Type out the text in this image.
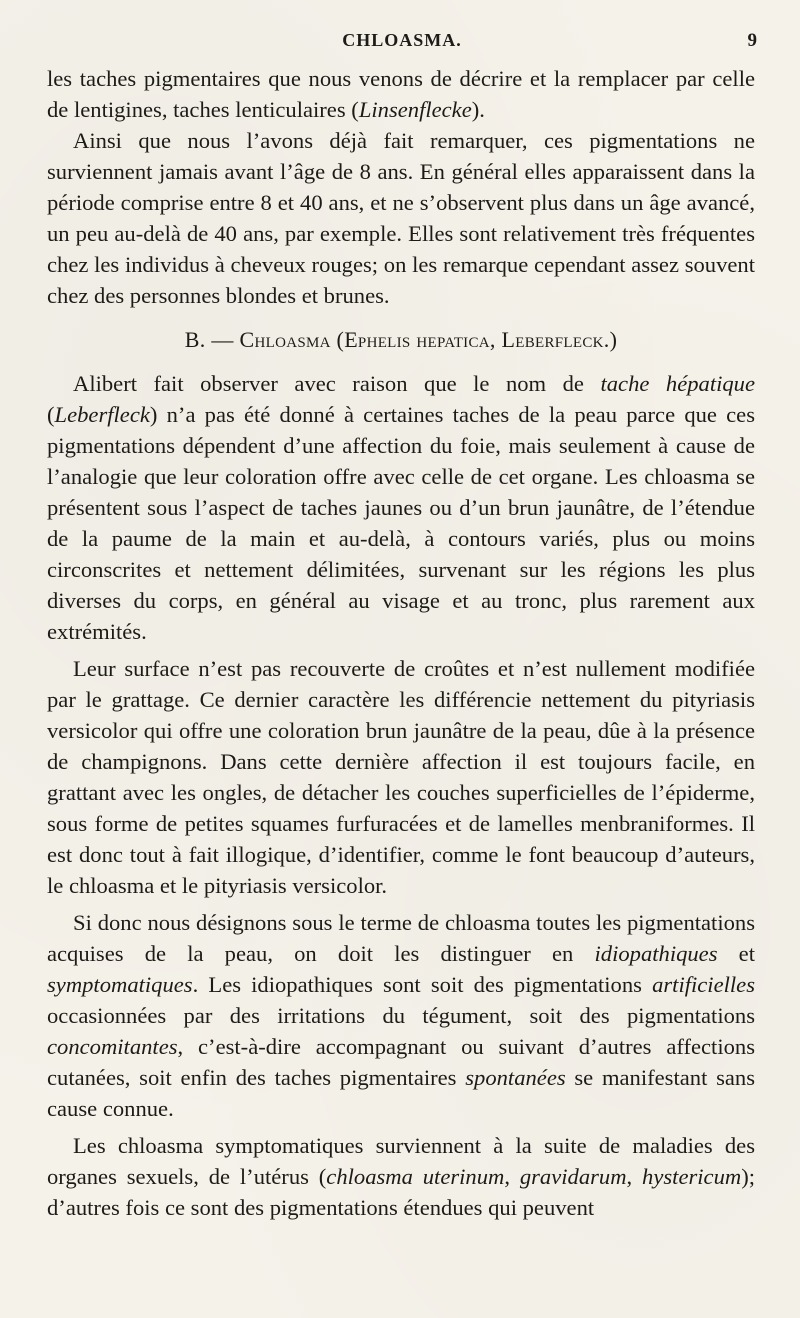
CHLOASMA.	9

les taches pigmentaires que nous venons de décrire et la remplacer par celle de lentigines, taches lenticulaires (Linsenflecke).

Ainsi que nous l’avons déjà fait remarquer, ces pigmentations ne surviennent jamais avant l’âge de 8 ans. En général elles apparaissent dans la période comprise entre 8 et 40 ans, et ne s’observent plus dans un âge avancé, un peu au-delà de 40 ans, par exemple. Elles sont relativement très fréquentes chez les individus à cheveux rouges; on les remarque cependant assez souvent chez des personnes blondes et brunes.

B. — Chloasma (Ephelis hepatica, Leberfleck.)

Alibert fait observer avec raison que le nom de tache hépatique (Leberfleck) n’a pas été donné à certaines taches de la peau parce que ces pigmentations dépendent d’une affection du foie, mais seulement à cause de l’analogie que leur coloration offre avec celle de cet organe. Les chloasma se présentent sous l’aspect de taches jaunes ou d’un brun jaunâtre, de l’étendue de la paume de la main et au-delà, à contours variés, plus ou moins circonscrites et nettement délimitées, survenant sur les régions les plus diverses du corps, en général au visage et au tronc, plus rarement aux extrémités.

Leur surface n’est pas recouverte de croûtes et n’est nullement modifiée par le grattage. Ce dernier caractère les différencie nettement du pityriasis versicolor qui offre une coloration brun jaunâtre de la peau, dûe à la présence de champignons. Dans cette dernière affection il est toujours facile, en grattant avec les ongles, de détacher les couches superficielles de l’épiderme, sous forme de petites squames furfuracées et de lamelles menbraniformes. Il est donc tout à fait illogique, d’identifier, comme le font beaucoup d’auteurs, le chloasma et le pityriasis versicolor.

Si donc nous désignons sous le terme de chloasma toutes les pigmentations acquises de la peau, on doit les distinguer en idiopathiques et symptomatiques. Les idiopathiques sont soit des pigmentations artificielles occasionnées par des irritations du tégument, soit des pigmentations concomitantes, c’est-à-dire accompagnant ou suivant d’autres affections cutanées, soit enfin des taches pigmentaires spontanées se manifestant sans cause connue.

Les chloasma symptomatiques surviennent à la suite de maladies des organes sexuels, de l’utérus (chloasma uterinum, gravidarum, hystericum); d’autres fois ce sont des pigmentations étendues qui peuvent
